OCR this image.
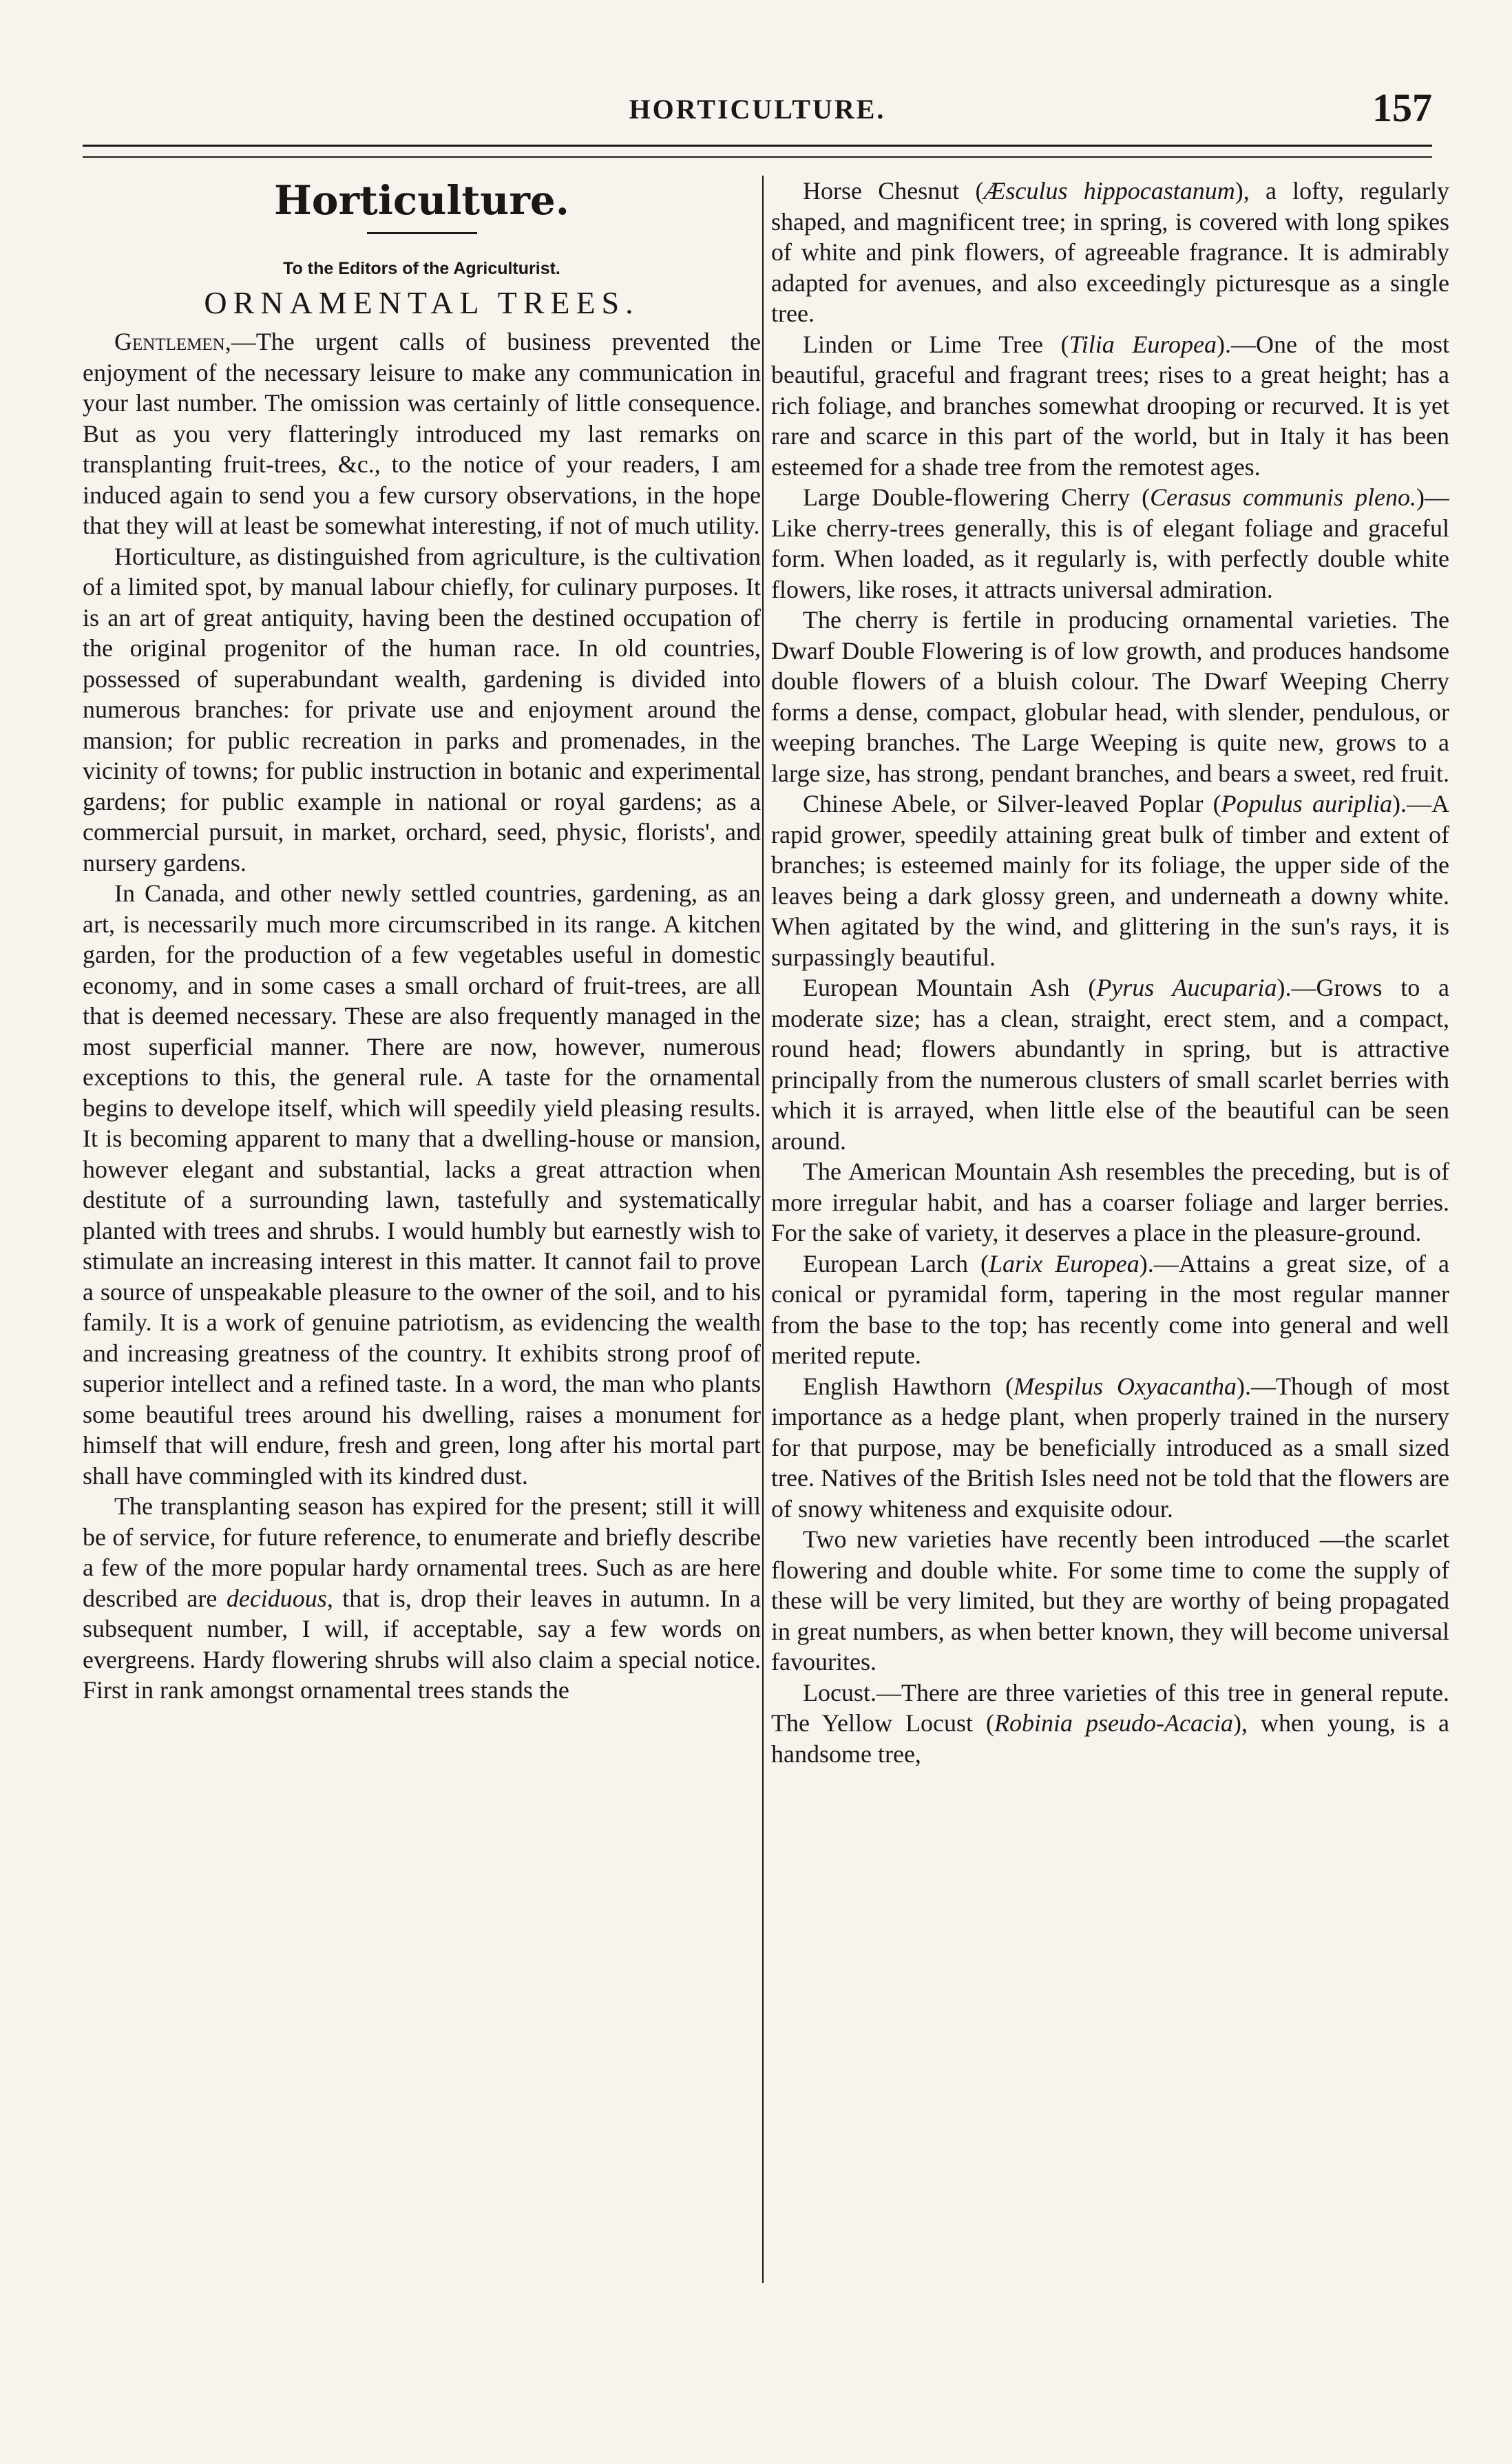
HORTICULTURE.	157
Horticulture.
To the Editors of the Agriculturist.
ORNAMENTAL TREES.

Gentlemen,—The urgent calls of business prevented the enjoyment of the necessary leisure to make any communication in your last number. The omission was certainly of little consequence. But as you very flatteringly introduced my last remarks on transplanting fruit-trees, &c., to the notice of your readers, I am induced again to send you a few cursory observations, in the hope that they will at least be somewhat interesting, if not of much utility.

Horticulture, as distinguished from agriculture, is the cultivation of a limited spot, by manual labour chiefly, for culinary purposes. It is an art of great antiquity, having been the destined occupation of the original progenitor of the human race. In old countries, possessed of superabundant wealth, gardening is divided into numerous branches: for private use and enjoyment around the mansion; for public recreation in parks and promenades, in the vicinity of towns; for public instruction in botanic and experimental gardens; for public example in national or royal gardens; as a commercial pursuit, in market, orchard, seed, physic, florists', and nursery gardens.

In Canada, and other newly settled countries, gardening, as an art, is necessarily much more circumscribed in its range. A kitchen garden, for the production of a few vegetables useful in domestic economy, and in some cases a small orchard of fruit-trees, are all that is deemed necessary. These are also frequently managed in the most superficial manner. There are now, however, numerous exceptions to this, the general rule. A taste for the ornamental begins to develope itself, which will speedily yield pleasing results. It is becoming apparent to many that a dwelling-house or mansion, however elegant and substantial, lacks a great attraction when destitute of a surrounding lawn, tastefully and systematically planted with trees and shrubs. I would humbly but earnestly wish to stimulate an increasing interest in this matter. It cannot fail to prove a source of unspeakable pleasure to the owner of the soil, and to his family. It is a work of genuine patriotism, as evidencing the wealth and increasing greatness of the country. It exhibits strong proof of superior intellect and a refined taste. In a word, the man who plants some beautiful trees around his dwelling, raises a monument for himself that will endure, fresh and green, long after his mortal part shall have commingled with its kindred dust.

The transplanting season has expired for the present; still it will be of service, for future reference, to enumerate and briefly describe a few of the more popular hardy ornamental trees. Such as are here described are deciduous, that is, drop their leaves in autumn. In a subsequent number, I will, if acceptable, say a few words on evergreens. Hardy flowering shrubs will also claim a special notice. First in rank amongst ornamental trees stands the

Horse Chesnut (Æsculus hippocastanum), a lofty, regularly shaped, and magnificent tree; in spring, is covered with long spikes of white and pink flowers, of agreeable fragrance. It is admirably adapted for avenues, and also exceedingly picturesque as a single tree.

Linden or Lime Tree (Tilia Europea).—One of the most beautiful, graceful and fragrant trees; rises to a great height; has a rich foliage, and branches somewhat drooping or recurved. It is yet rare and scarce in this part of the world, but in Italy it has been esteemed for a shade tree from the remotest ages.

Large Double-flowering Cherry (Cerasus communis pleno.)—Like cherry-trees generally, this is of elegant foliage and graceful form. When loaded, as it regularly is, with perfectly double white flowers, like roses, it attracts universal admiration.

The cherry is fertile in producing ornamental varieties. The Dwarf Double Flowering is of low growth, and produces handsome double flowers of a bluish colour. The Dwarf Weeping Cherry forms a dense, compact, globular head, with slender, pendulous, or weeping branches. The Large Weeping is quite new, grows to a large size, has strong, pendant branches, and bears a sweet, red fruit.

Chinese Abele, or Silver-leaved Poplar (Populus auriplia).—A rapid grower, speedily attaining great bulk of timber and extent of branches; is esteemed mainly for its foliage, the upper side of the leaves being a dark glossy green, and underneath a downy white. When agitated by the wind, and glittering in the sun's rays, it is surpassingly beautiful.

European Mountain Ash (Pyrus Aucuparia).—Grows to a moderate size; has a clean, straight, erect stem, and a compact, round head; flowers abundantly in spring, but is attractive principally from the numerous clusters of small scarlet berries with which it is arrayed, when little else of the beautiful can be seen around.

The American Mountain Ash resembles the preceding, but is of more irregular habit, and has a coarser foliage and larger berries. For the sake of variety, it deserves a place in the pleasure-ground.

European Larch (Larix Europea).—Attains a great size, of a conical or pyramidal form, tapering in the most regular manner from the base to the top; has recently come into general and well merited repute.

English Hawthorn (Mespilus Oxyacantha).—Though of most importance as a hedge plant, when properly trained in the nursery for that purpose, may be beneficially introduced as a small sized tree. Natives of the British Isles need not be told that the flowers are of snowy whiteness and exquisite odour.

Two new varieties have recently been introduced —the scarlet flowering and double white. For some time to come the supply of these will be very limited, but they are worthy of being propagated in great numbers, as when better known, they will become universal favourites.

Locust.—There are three varieties of this tree in general repute. The Yellow Locust (Robinia pseudo-Acacia), when young, is a handsome tree,
